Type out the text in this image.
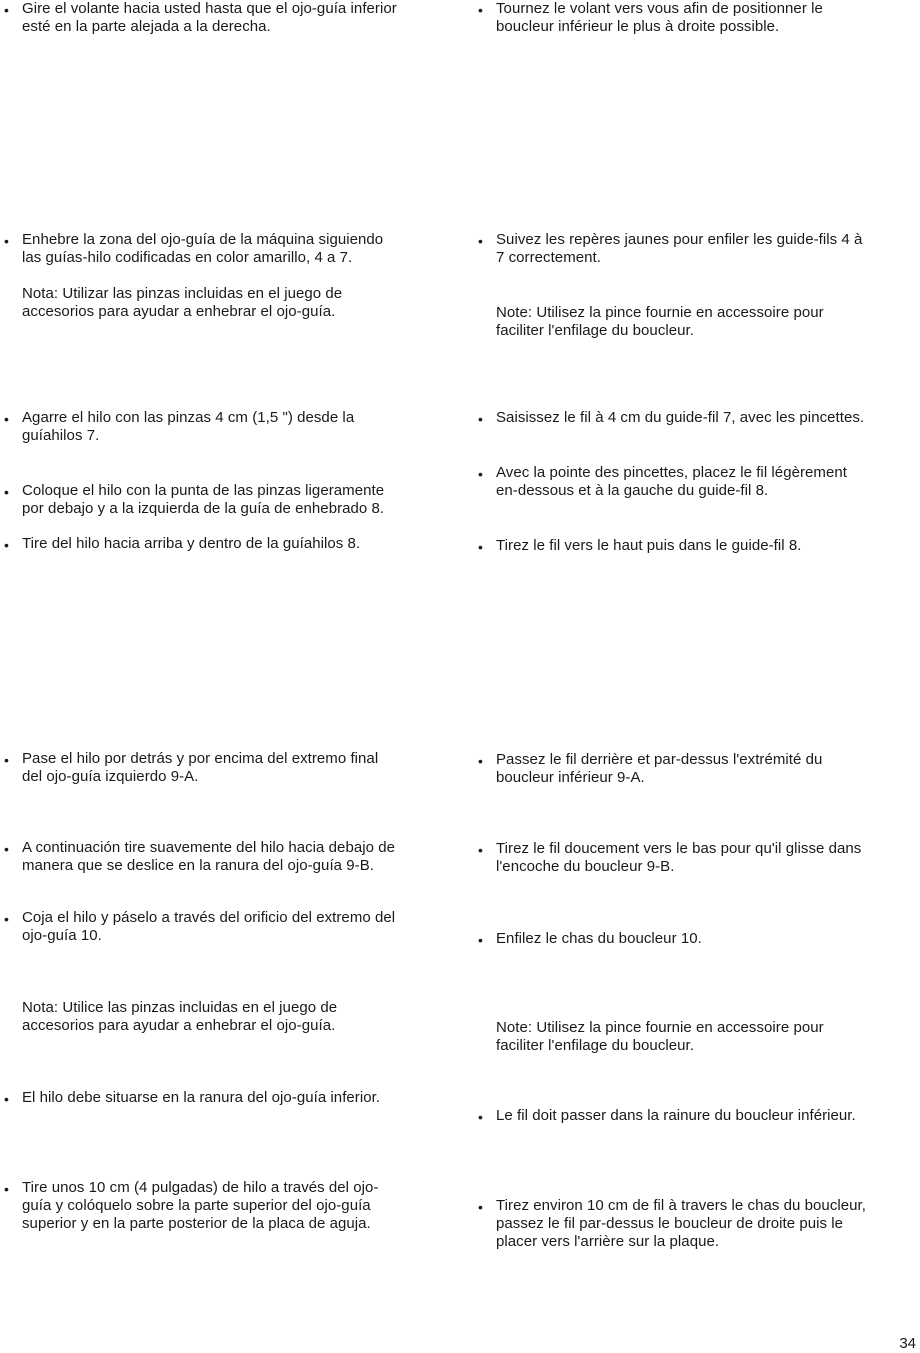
• Gire el volante hacia usted hasta que el ojo-guía inferior
esté en la parte alejada a la derecha.
• Enhebre la zona del ojo-guía de la máquina siguiendo
las guías-hilo codificadas en color amarillo, 4 a 7.
Nota: Utilizar las pinzas incluidas en el juego de
accesorios para ayudar a enhebrar el ojo-guía.
• Agarre el hilo con las pinzas 4 cm (1,5 ") desde la
guíahilos 7.
• Coloque el hilo con la punta de las pinzas ligeramente
por debajo y a la izquierda de la guía de enhebrado 8.
• Tire del hilo hacia arriba y dentro de la guíahilos 8.
• Pase el hilo por detrás y por encima del extremo final
del ojo-guía izquierdo 9-A.
• A continuación tire suavemente del hilo hacia debajo de
manera que se deslice en la ranura del ojo-guía 9-B.
• Coja el hilo y páselo a través del orificio del extremo del
ojo-guía 10.
Nota: Utilice las pinzas incluidas en el juego de
accesorios para ayudar a enhebrar el ojo-guía.
• El hilo debe situarse en la ranura del ojo-guía inferior.
• Tire unos 10 cm (4 pulgadas) de hilo a través del ojo-
guía y colóquelo sobre la parte superior del ojo-guía
superior y en la parte posterior de la placa de aguja.
• Tournez le volant vers vous afin de positionner le
boucleur inférieur le plus à droite possible.
• Suivez les repères jaunes pour enfiler les guide-fils 4 à
7 correctement.
Note: Utilisez la pince fournie en accessoire pour
faciliter l'enfilage du boucleur.
• Saisissez le fil à 4 cm du guide-fil 7, avec les pincettes.
• Avec la pointe des pincettes, placez le fil légèrement
en-dessous et à la gauche du guide-fil 8.
• Tirez le fil vers le haut puis dans le guide-fil 8.
• Passez le fil derrière et par-dessus l'extrémité du
boucleur inférieur 9-A.
• Tirez le fil doucement vers le bas pour qu'il glisse dans
l'encoche du boucleur 9-B.
• Enfilez le chas du boucleur 10.
Note: Utilisez la pince fournie en accessoire pour
faciliter l'enfilage du boucleur.
• Le fil doit passer dans la rainure du boucleur inférieur.
• Tirez environ 10 cm de fil à travers le chas du boucleur,
passez le fil par-dessus le boucleur de droite puis le
placer vers l'arrière sur la plaque.
34
